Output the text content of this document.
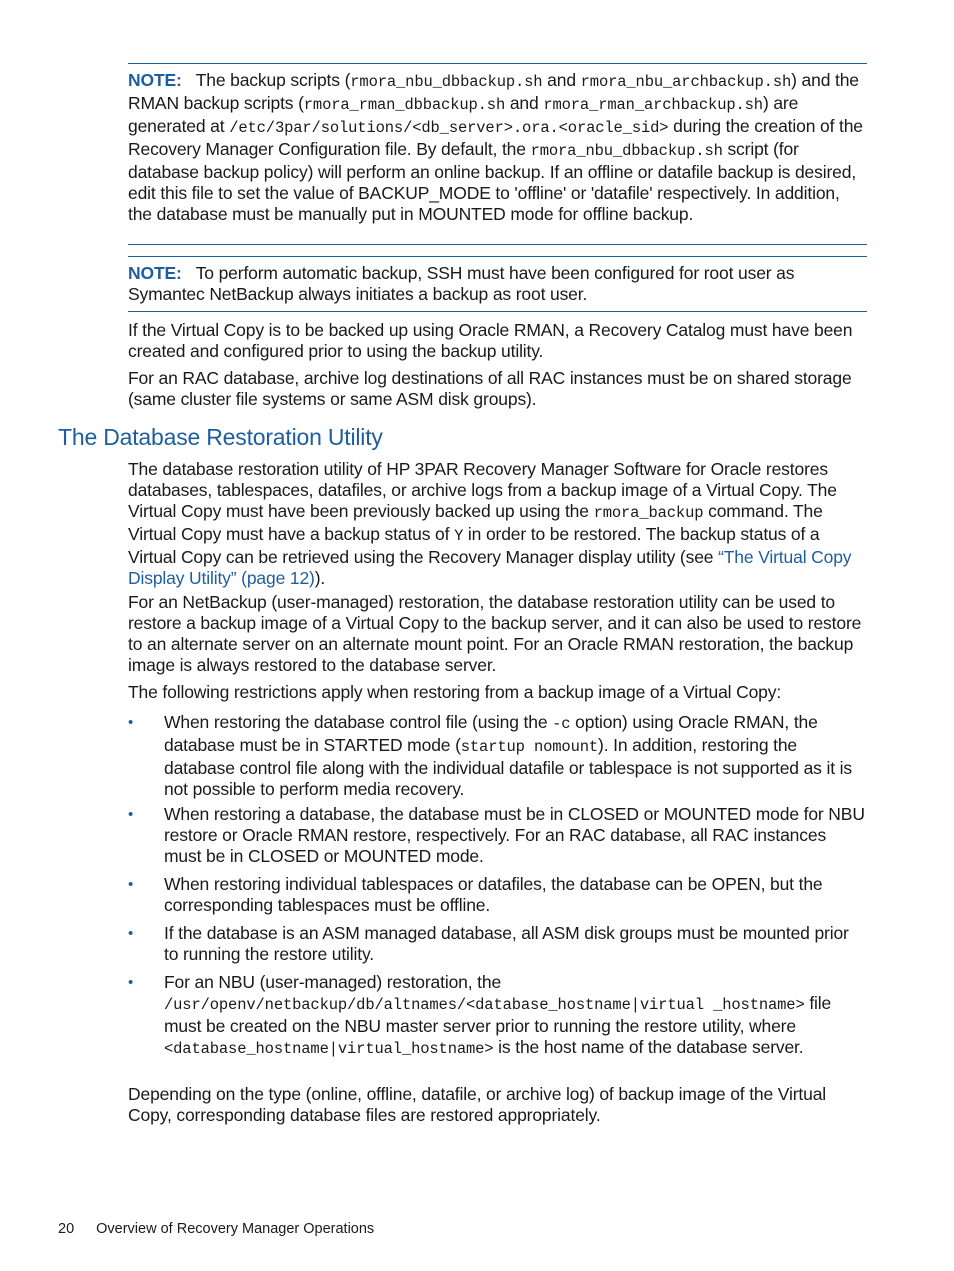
NOTE: The backup scripts (rmora_nbu_dbbackup.sh and rmora_nbu_archbackup.sh) and the RMAN backup scripts (rmora_rman_dbbackup.sh and rmora_rman_archbackup.sh) are generated at /etc/3par/solutions/<db_server>.ora.<oracle_sid> during the creation of the Recovery Manager Configuration file. By default, the rmora_nbu_dbbackup.sh script (for database backup policy) will perform an online backup. If an offline or datafile backup is desired, edit this file to set the value of BACKUP_MODE to 'offline' or 'datafile' respectively. In addition, the database must be manually put in MOUNTED mode for offline backup.
NOTE: To perform automatic backup, SSH must have been configured for root user as Symantec NetBackup always initiates a backup as root user.
If the Virtual Copy is to be backed up using Oracle RMAN, a Recovery Catalog must have been created and configured prior to using the backup utility.
For an RAC database, archive log destinations of all RAC instances must be on shared storage (same cluster file systems or same ASM disk groups).
The Database Restoration Utility
The database restoration utility of HP 3PAR Recovery Manager Software for Oracle restores databases, tablespaces, datafiles, or archive logs from a backup image of a Virtual Copy. The Virtual Copy must have been previously backed up using the rmora_backup command. The Virtual Copy must have a backup status of Y in order to be restored. The backup status of a Virtual Copy can be retrieved using the Recovery Manager display utility (see “The Virtual Copy Display Utility” (page 12)).
For an NetBackup (user-managed) restoration, the database restoration utility can be used to restore a backup image of a Virtual Copy to the backup server, and it can also be used to restore to an alternate server on an alternate mount point. For an Oracle RMAN restoration, the backup image is always restored to the database server.
The following restrictions apply when restoring from a backup image of a Virtual Copy:
• When restoring the database control file (using the -c option) using Oracle RMAN, the database must be in STARTED mode (startup nomount). In addition, restoring the database control file along with the individual datafile or tablespace is not supported as it is not possible to perform media recovery.
• When restoring a database, the database must be in CLOSED or MOUNTED mode for NBU restore or Oracle RMAN restore, respectively. For an RAC database, all RAC instances must be in CLOSED or MOUNTED mode.
• When restoring individual tablespaces or datafiles, the database can be OPEN, but the corresponding tablespaces must be offline.
• If the database is an ASM managed database, all ASM disk groups must be mounted prior to running the restore utility.
• For an NBU (user-managed) restoration, the /usr/openv/netbackup/db/altnames/<database_hostname|virtual _hostname> file must be created on the NBU master server prior to running the restore utility, where <database_hostname|virtual_hostname> is the host name of the database server.
Depending on the type (online, offline, datafile, or archive log) of backup image of the Virtual Copy, corresponding database files are restored appropriately.
20 Overview of Recovery Manager Operations
